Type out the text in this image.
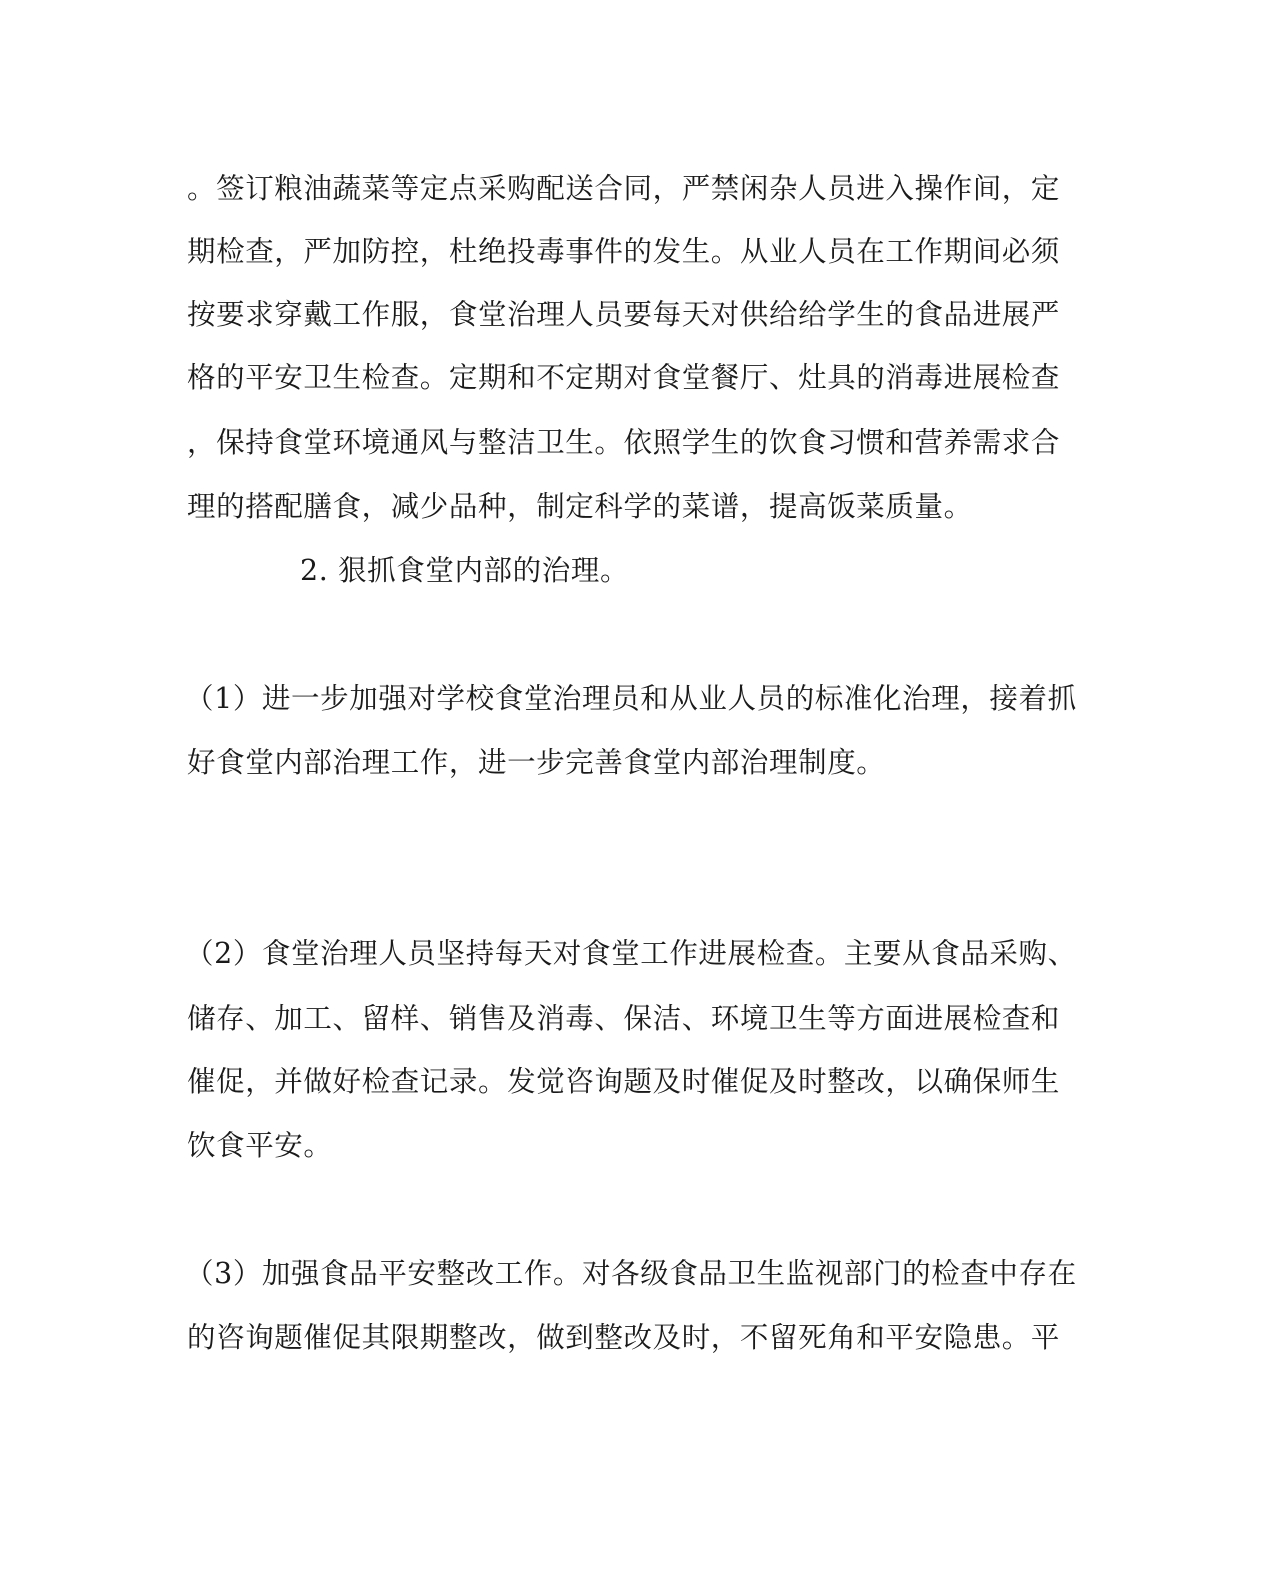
。签订粮油蔬菜等定点采购配送合同，严禁闲杂人员进入操作间，定
期检查，严加防控，杜绝投毒事件的发生。从业人员在工作期间必须
按要求穿戴工作服，食堂治理人员要每天对供给给学生的食品进展严
格的平安卫生检查。定期和不定期对食堂餐厅、灶具的消毒进展检查
，保持食堂环境通风与整洁卫生。依照学生的饮食习惯和营养需求合
理的搭配膳食，减少品种，制定科学的菜谱，提高饭菜质量。
2. 狠抓食堂内部的治理。
（1）进一步加强对学校食堂治理员和从业人员的标准化治理，接着抓
好食堂内部治理工作，进一步完善食堂内部治理制度。
（2）食堂治理人员坚持每天对食堂工作进展检查。主要从食品采购、
储存、加工、留样、销售及消毒、保洁、环境卫生等方面进展检查和
催促，并做好检查记录。发觉咨询题及时催促及时整改，以确保师生
饮食平安。
（3）加强食品平安整改工作。对各级食品卫生监视部门的检查中存在
的咨询题催促其限期整改，做到整改及时，不留死角和平安隐患。平
